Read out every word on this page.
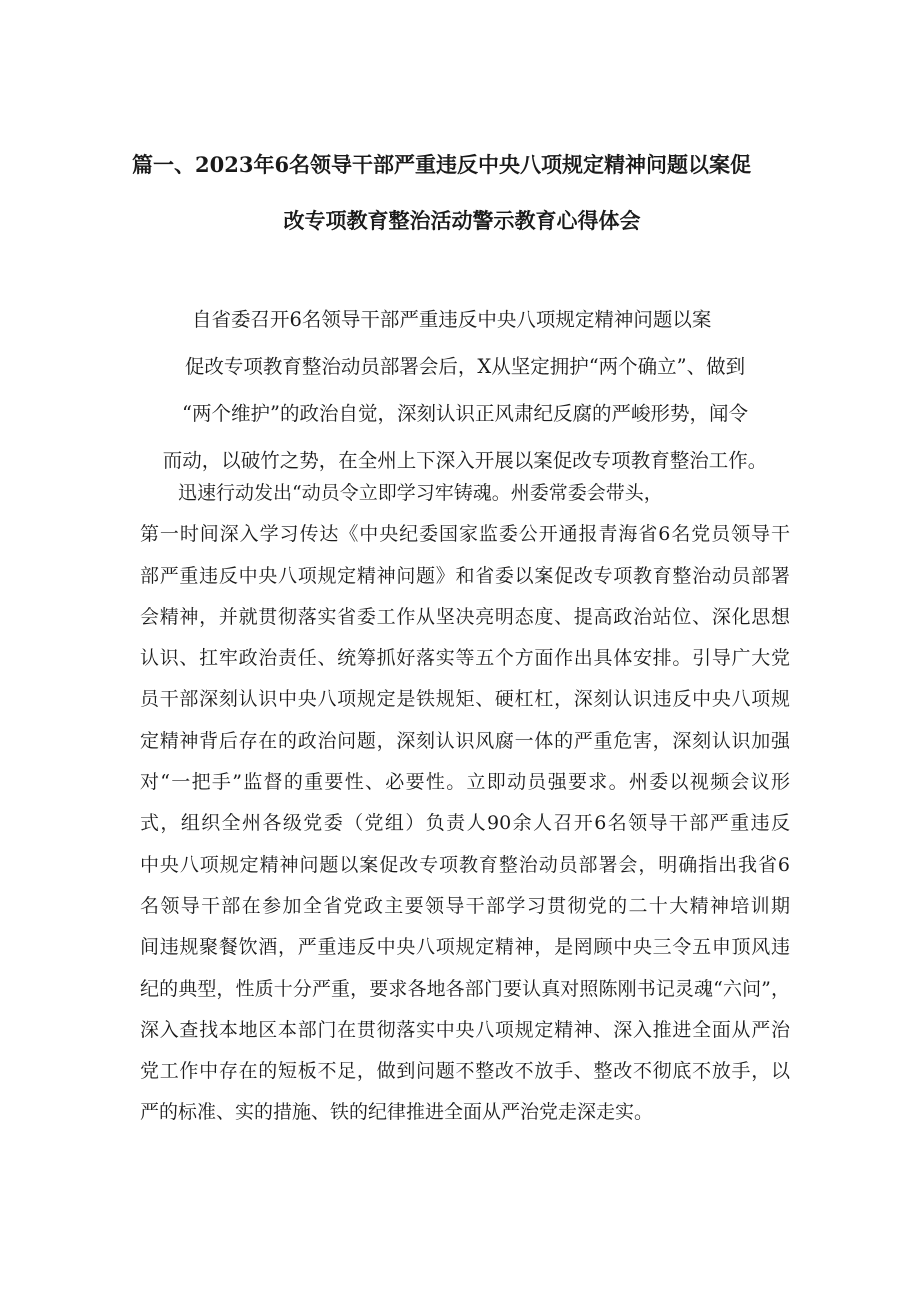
篇一、2023年6名领导干部严重违反中央八项规定精神问题以案促
改专项教育整治活动警示教育心得体会
自省委召开6名领导干部严重违反中央八项规定精神问题以案
促改专项教育整治动员部署会后，X从坚定拥护“两个确立”、做到
“两个维护”的政治自觉，深刻认识正风肃纪反腐的严峻形势，闻令
而动，以破竹之势，在全州上下深入开展以案促改专项教育整治工作。
迅速行动发出“动员令立即学习牢铸魂。州委常委会带头，
第一时间深入学习传达《中央纪委国家监委公开通报青海省6名党员领导干
部严重违反中央八项规定精神问题》和省委以案促改专项教育整治动员部署
会精神，并就贯彻落实省委工作从坚决亮明态度、提高政治站位、深化思想
认识、扛牢政治责任、统筹抓好落实等五个方面作出具体安排。引导广大党
员干部深刻认识中央八项规定是铁规矩、硬杠杠，深刻认识违反中央八项规
定精神背后存在的政治问题，深刻认识风腐一体的严重危害，深刻认识加强
对“一把手”监督的重要性、必要性。立即动员强要求。州委以视频会议形
式，组织全州各级党委（党组）负责人90余人召开6名领导干部严重违反
中央八项规定精神问题以案促改专项教育整治动员部署会，明确指出我省6
名领导干部在参加全省党政主要领导干部学习贯彻党的二十大精神培训期
间违规聚餐饮酒，严重违反中央八项规定精神，是罔顾中央三令五申顶风违
纪的典型，性质十分严重，要求各地各部门要认真对照陈刚书记灵魂“六问”，
深入查找本地区本部门在贯彻落实中央八项规定精神、深入推进全面从严治
党工作中存在的短板不足，做到问题不整改不放手、整改不彻底不放手，以
严的标准、实的措施、铁的纪律推进全面从严治党走深走实。
